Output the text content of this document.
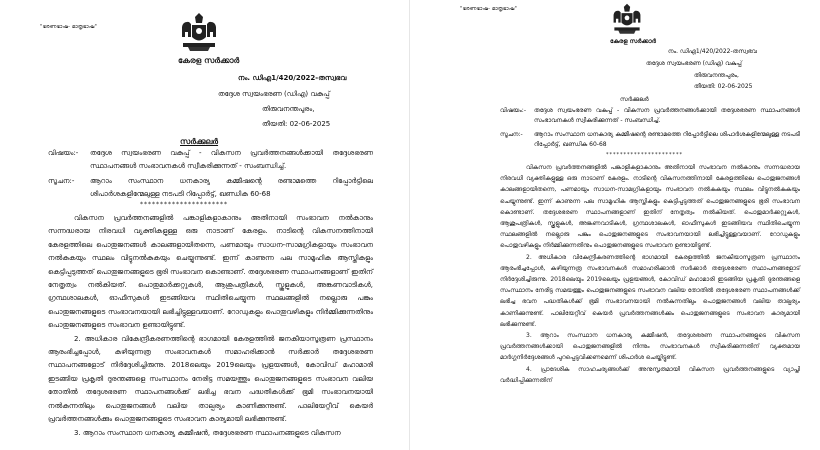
"ഭരണഭാഷ- മാതൃഭാഷ"
കേരള സർക്കാർ
നം. ഡിഎ1/420/2022-തസ്വഭവ
തദ്ദേശ സ്വയംഭരണ (ഡിഎ) വകുപ്പ്
തിരുവനന്തപുരം,
തീയതി: 02-06-2025
സർക്കുലർ
വിഷയം:-	തദ്ദേശ സ്വയംഭരണ വകുപ്പ് - വികസന പ്രവർത്തനങ്ങൾക്കായി തദ്ദേശഭരണ സ്ഥാപനങ്ങൾ സംഭാവനകൾ സ്വീകരിക്കുന്നത് - സംബന്ധിച്ച്.
സൂചന:-	ആറാം സംസ്ഥാന ധനകാര്യ കമ്മീഷന്റെ രണ്ടാമത്തെ റിപ്പോർട്ടിലെ ശിപാർശകളിന്മേലുള്ള നടപടി റിപ്പോർട്ട്, ഖണ്ഡിക 60-68
**********************

വികസന പ്രവർത്തനങ്ങളിൽ പങ്കാളികളാകാനും അതിനായി സംഭാവന നൽകാനും സന്നദ്ധരായ നിരവധി വ്യക്തികളുള്ള ഒരു നാടാണ് കേരളം. നാടിന്റെ വികസനത്തിനായി കേരളത്തിലെ പൊതുജനങ്ങൾ കാലങ്ങളായിതന്നെ, പണമായും സാധന-സാമഗ്രികളായും സംഭാവന നൽകുകയും സ്ഥലം വിട്ടുനൽകുകയും ചെയ്യുന്നുണ്ട്. ഇന്ന് കാണുന്ന പല സാമൂഹിക ആസ്തികളും കെട്ടിപ്പടുത്തത് പൊതുജനങ്ങളുടെ ഭൂരി സംഭാവന കൊണ്ടാണ്. തദ്ദേശഭരണ സ്ഥാപനങ്ങളാണ് ഇതിന് നേതൃത്വം നൽകിയത്. പൊതുമാർക്കറ്റുകൾ, ആശുപത്രികൾ, സ്കൂളുകൾ, അങ്കണവാടികൾ, ഗ്രന്ഥശാലകൾ, ഓഫീസുകൾ ഇടങ്ങിയവ സ്ഥിതിചെയ്യുന്ന സ്ഥലങ്ങളിൽ നല്ലൊരു പങ്കും പൊതുജനങ്ങളുടെ സംഭാവനയായി ലഭിച്ചിട്ടുള്ളവയാണ്. റോഡുകളും പൊതുവഴികളും നിർമ്മിക്കുന്നതിനും പൊതുജനങ്ങളുടെ സംഭാവന ഉണ്ടായിട്ടുണ്ട്.

2. അധികാര വികേന്ദ്രീകരണത്തിന്റെ ഭാഗമായി കേരളത്തിൽ ജനകീയാസൂത്രണ പ്രസ്ഥാനം ആരംഭിച്ചപ്പോൾ, കഴിയുന്നത്ര സംഭാവനകൾ സമാഹരിക്കാൻ സർക്കാർ തദ്ദേശഭരണ സ്ഥാപനങ്ങളോട് നിർദ്ദേശിച്ചിരുന്നു. 2018ലെയും 2019ലെയും പ്രളയങ്ങൾ, കോവിഡ് മഹാമാരി ഇടങ്ങിയ പ്രകൃതി ദുരന്തങ്ങളെ സംസ്ഥാനം നേരിട്ട സമയത്തും പൊതുജനങ്ങളുടെ സംഭാവന വലിയ തോതിൽ തദ്ദേശഭരണ സ്ഥാപനങ്ങൾക്ക് ലഭിച്ച ഭവന പദ്ധതികൾക്ക് ഭൂമി സംഭാവനയായി നൽകുന്നതിലും പൊതുജനങ്ങൾ വലിയ താല്പര്യം കാണിക്കുന്നുണ്ട്. പാലിയേറ്റീവ് കെയർ പ്രവർത്തനങ്ങൾക്കും പൊതുജനങ്ങളുടെ സംഭാവന കാര്യമായി ലഭിക്കുന്നുണ്ട്.

3. ആറാം സംസ്ഥാന ധനകാര്യ കമ്മീഷൻ, തദ്ദേശഭരണ സ്ഥാപനങ്ങളുടെ വികസന

"ഭരണഭാഷ- മാതൃഭാഷ"
കേരള സർക്കാർ
നം. ഡിഎ1/420/2022-തസ്വഭവ
തദ്ദേശ സ്വയംഭരണ (ഡിഎ) വകുപ്പ്
തിരുവനന്തപുരം,
തീയതി: 02-06-2025
സർക്കുലർ
വിഷയം:-	തദ്ദേശ സ്വയംഭരണ വകുപ്പ് - വികസന പ്രവർത്തനങ്ങൾക്കായി തദ്ദേശഭരണ സ്ഥാപനങ്ങൾ സംഭാവനകൾ സ്വീകരിക്കുന്നത് - സംബന്ധിച്ച്.
സൂചന:-	ആറാം സംസ്ഥാന ധനകാര്യ കമ്മീഷന്റെ രണ്ടാമത്തെ റിപ്പോർട്ടിലെ ശിപാർശകളിന്മേലുള്ള നടപടി റിപ്പോർട്ട്, ഖണ്ഡിക 60-68
**********************

വികസന പ്രവർത്തനങ്ങളിൽ പങ്കാളികളാകാനും അതിനായി സംഭാവന നൽകാനും സന്നദ്ധരായ നിരവധി വ്യക്തികളുള്ള ഒരു നാടാണ് കേരളം. നാടിന്റെ വികസനത്തിനായി കേരളത്തിലെ പൊതുജനങ്ങൾ കാലങ്ങളായിതന്നെ, പണമായും സാധന-സാമഗ്രികളായും സംഭാവന നൽകുകയും സ്ഥലം വിട്ടുനൽകുകയും ചെയ്യുന്നുണ്ട്. ഇന്ന് കാണുന്ന പല സാമൂഹിക ആസ്തികളും കെട്ടിപ്പടുത്തത് പൊതുജനങ്ങളുടെ ഭൂരി സംഭാവന കൊണ്ടാണ്. തദ്ദേശഭരണ സ്ഥാപനങ്ങളാണ് ഇതിന് നേതൃത്വം നൽകിയത്. പൊതുമാർക്കറ്റുകൾ, ആശുപത്രികൾ, സ്കൂളുകൾ, അങ്കണവാടികൾ, ഗ്രന്ഥശാലകൾ, ഓഫീസുകൾ ഇടങ്ങിയവ സ്ഥിതിചെയ്യുന്ന സ്ഥലങ്ങളിൽ നല്ലൊരു പങ്കും പൊതുജനങ്ങളുടെ സംഭാവനയായി ലഭിച്ചിട്ടുള്ളവയാണ്. റോഡുകളും പൊതുവഴികളും നിർമ്മിക്കുന്നതിനും പൊതുജനങ്ങളുടെ സംഭാവന ഉണ്ടായിട്ടുണ്ട്.

2. അധികാര വികേന്ദ്രീകരണത്തിന്റെ ഭാഗമായി കേരളത്തിൽ ജനകീയാസൂത്രണ പ്രസ്ഥാനം ആരംഭിച്ചപ്പോൾ, കഴിയുന്നത്ര സംഭാവനകൾ സമാഹരിക്കാൻ സർക്കാർ തദ്ദേശഭരണ സ്ഥാപനങ്ങളോട് നിർദ്ദേശിച്ചിരുന്നു. 2018ലെയും 2019ലെയും പ്രളയങ്ങൾ, കോവിഡ് മഹാമാരി ഇടങ്ങിയ പ്രകൃതി ദുരന്തങ്ങളെ സംസ്ഥാനം നേരിട്ട സമയത്തും പൊതുജനങ്ങളുടെ സംഭാവന വലിയ തോതിൽ തദ്ദേശഭരണ സ്ഥാപനങ്ങൾക്ക് ലഭിച്ച ഭവന പദ്ധതികൾക്ക് ഭൂമി സംഭാവനയായി നൽകുന്നതിലും പൊതുജനങ്ങൾ വലിയ താല്പര്യം കാണിക്കുന്നുണ്ട്. പാലിയേറ്റീവ് കെയർ പ്രവർത്തനങ്ങൾക്കും പൊതുജനങ്ങളുടെ സംഭാവന കാര്യമായി ലഭിക്കുന്നുണ്ട്.

3. ആറാം സംസ്ഥാന ധനകാര്യ കമ്മീഷൻ, തദ്ദേശഭരണ സ്ഥാപനങ്ങളുടെ വികസന പ്രവർത്തനങ്ങൾക്കായി പൊതുജനങ്ങളിൽ നിന്നും സംഭാവനകൾ സ്വീകരിക്കുന്നതിന് വ്യക്തമായ മാർഗ്ഗനിർദ്ദേശങ്ങൾ പുറപ്പെടുവിക്കണമെന്ന് ശിപാർശ ചെയ്തിട്ടുണ്ട്.

4. പ്രാദേശിക സാഹചര്യങ്ങൾക്ക് അനുസൃതമായി വികസന പ്രവർത്തനങ്ങളുടെ വ്യാപ്തി വർദ്ധിപ്പിക്കുന്നതിന്
